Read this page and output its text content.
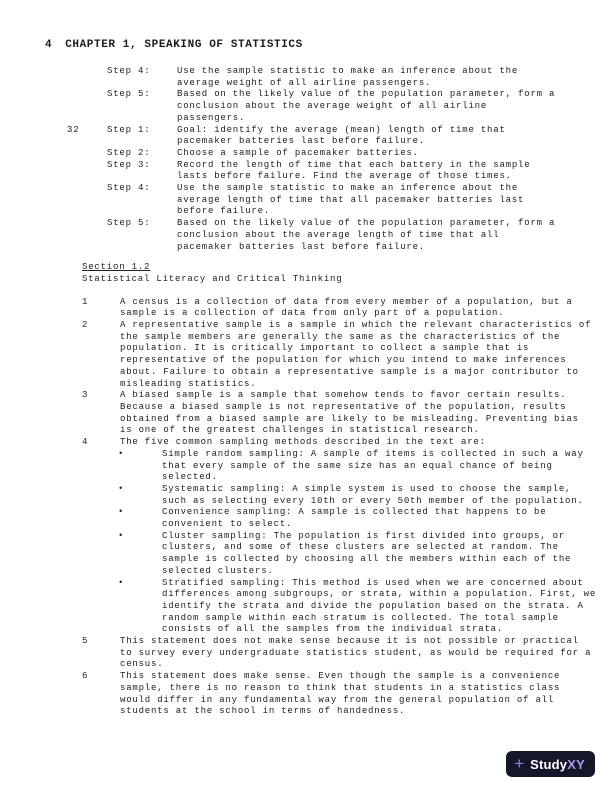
4 CHAPTER 1, SPEAKING OF STATISTICS
Step 4:	Use the sample statistic to make an inference about the average weight of all airline passengers.
Step 5:	Based on the likely value of the population parameter, form a conclusion about the average weight of all airline passengers.
32	Step 1:	Goal: identify the average (mean) length of time that pacemaker batteries last before failure.
Step 2:	Choose a sample of pacemaker batteries.
Step 3:	Record the length of time that each battery in the sample lasts before failure. Find the average of those times.
Step 4:	Use the sample statistic to make an inference about the average length of time that all pacemaker batteries last before failure.
Step 5:	Based on the likely value of the population parameter, form a conclusion about the average length of time that all pacemaker batteries last before failure.
Section 1.2
Statistical Literacy and Critical Thinking
1	A census is a collection of data from every member of a population, but a sample is a collection of data from only part of a population.
2	A representative sample is a sample in which the relevant characteristics of the sample members are generally the same as the characteristics of the population. It is critically important to collect a sample that is representative of the population for which you intend to make inferences about. Failure to obtain a representative sample is a major contributor to misleading statistics.
3	A biased sample is a sample that somehow tends to favor certain results. Because a biased sample is not representative of the population, results obtained from a biased sample are likely to be misleading. Preventing bias is one of the greatest challenges in statistical research.
4	The five common sampling methods described in the text are:
•	Simple random sampling: A sample of items is collected in such a way that every sample of the same size has an equal chance of being selected.
•	Systematic sampling: A simple system is used to choose the sample, such as selecting every 10th or every 50th member of the population.
•	Convenience sampling: A sample is collected that happens to be convenient to select.
•	Cluster sampling: The population is first divided into groups, or clusters, and some of these clusters are selected at random. The sample is collected by choosing all the members within each of the selected clusters.
•	Stratified sampling: This method is used when we are concerned about differences among subgroups, or strata, within a population. First, we identify the strata and divide the population based on the strata. A random sample within each stratum is collected. The total sample consists of all the samples from the individual strata.
5	This statement does not make sense because it is not possible or practical to survey every undergraduate statistics student, as would be required for a census.
6	This statement does make sense. Even though the sample is a convenience sample, there is no reason to think that students in a statistics class would differ in any fundamental way from the general population of all students at the school in terms of handedness.
+ StudyXY
